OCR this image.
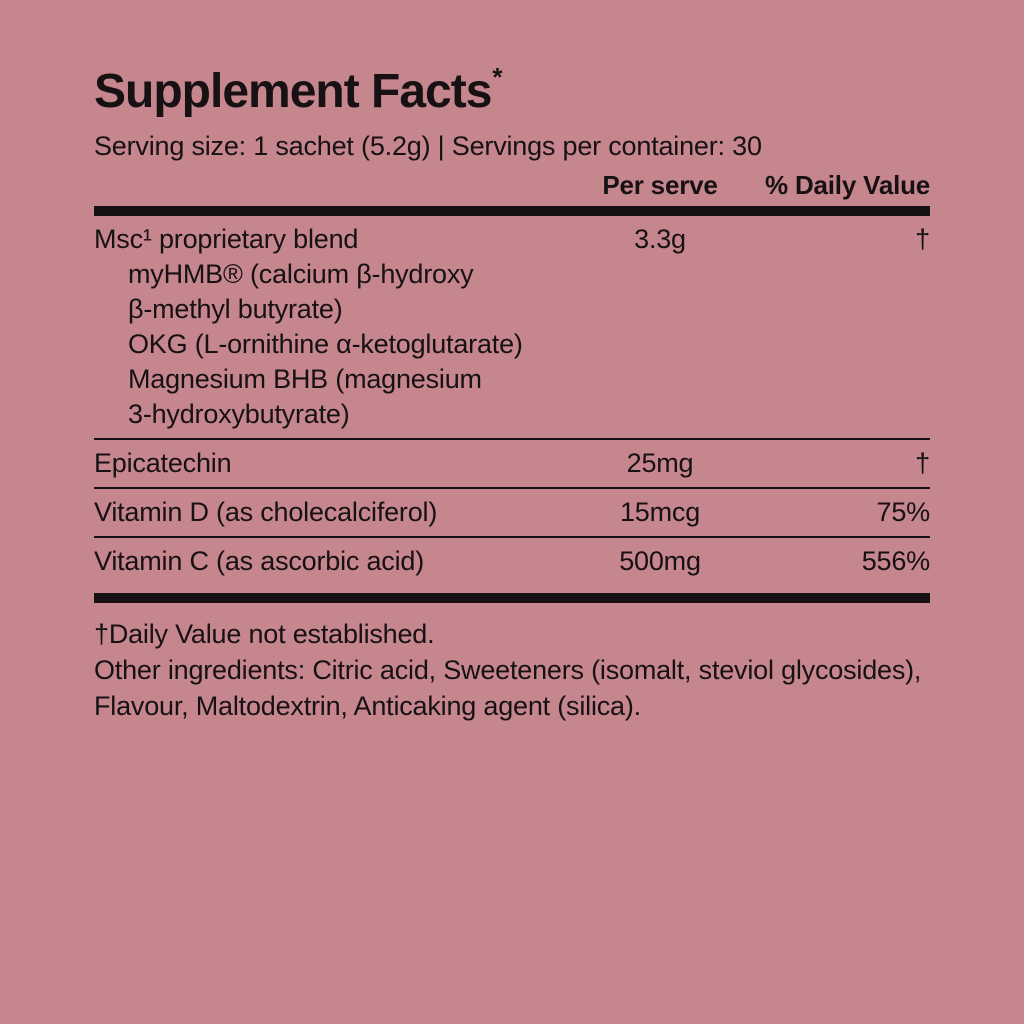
Supplement Facts*
Serving size: 1 sachet (5.2g) | Servings per container: 30
Per serve	% Daily Value
Msc¹ proprietary blend	3.3g	†
myHMB® (calcium β-hydroxy
β-methyl butyrate)
OKG (L-ornithine α-ketoglutarate)
Magnesium BHB (magnesium
3-hydroxybutyrate)
Epicatechin	25mg	†
Vitamin D (as cholecalciferol)	15mcg	75%
Vitamin C (as ascorbic acid)	500mg	556%

†Daily Value not established.

Other ingredients: Citric acid, Sweeteners (isomalt, steviol glycosides), Flavour, Maltodextrin, Anticaking agent (silica).
